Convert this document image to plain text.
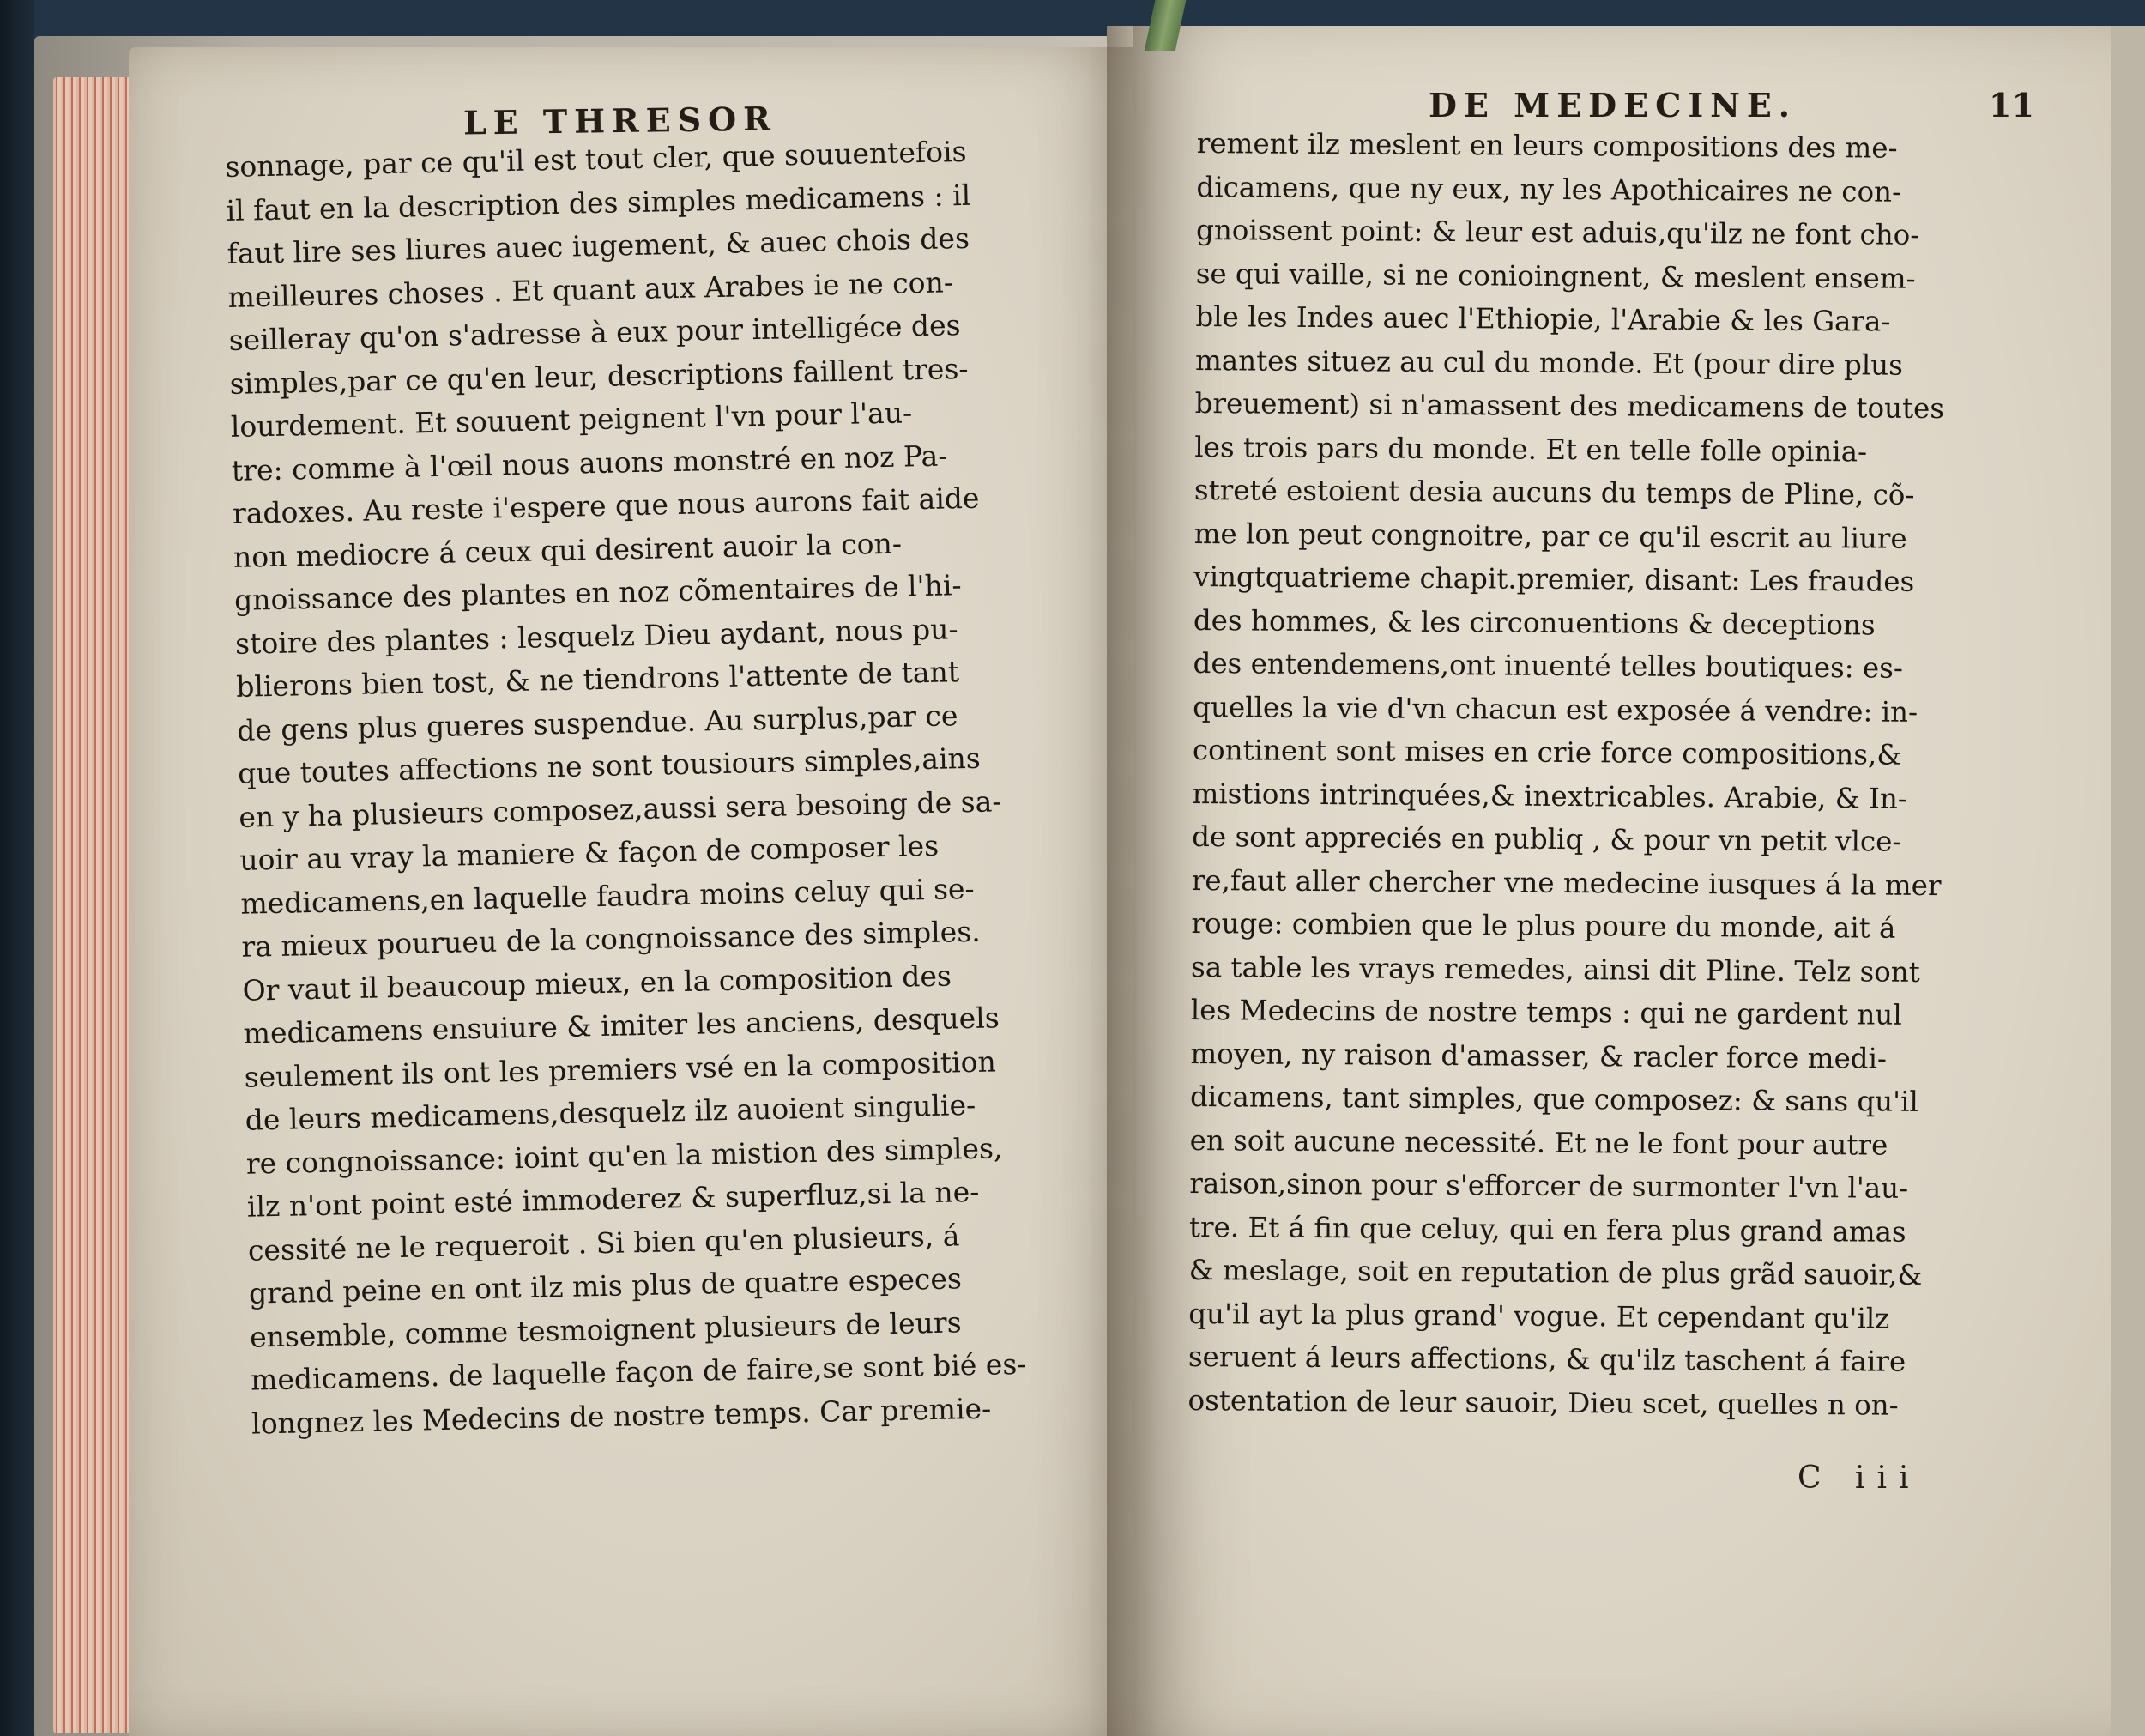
LE THRESOR
sonnage, par ce qu'il est tout cler, que souuentefois
il faut en la description des simples medicamens : il
faut lire ses liures auec iugement, & auec chois des
meilleures choses . Et quant aux Arabes ie ne con-
seilleray qu'on s'adresse à eux pour intelligéce des
simples,par ce qu'en leur, descriptions faillent tres-
lourdement. Et souuent peignent l'vn pour l'au-
tre: comme à l'œil nous auons monstré en noz Pa-
radoxes. Au reste i'espere que nous aurons fait aide
non mediocre á ceux qui desirent auoir la con-
gnoissance des plantes en noz cõmentaires de l'hi-
stoire des plantes : lesquelz Dieu aydant, nous pu-
blierons bien tost, & ne tiendrons l'attente de tant
de gens plus gueres suspendue. Au surplus,par ce
que toutes affections ne sont tousiours simples,ains
en y ha plusieurs composez,aussi sera besoing de sa-
uoir au vray la maniere & façon de composer les
medicamens,en laquelle faudra moins celuy qui se-
ra mieux pourueu de la congnoissance des simples.
Or vaut il beaucoup mieux, en la composition des
medicamens ensuiure & imiter les anciens, desquels
seulement ils ont les premiers vsé en la composition
de leurs medicamens,desquelz ilz auoient singulie-
re congnoissance: ioint qu'en la mistion des simples,
ilz n'ont point esté immoderez & superfluz,si la ne-
cessité ne le requeroit . Si bien qu'en plusieurs, á
grand peine en ont ilz mis plus de quatre especes
ensemble, comme tesmoignent plusieurs de leurs
medicamens. de laquelle façon de faire,se sont bié es-
longnez les Medecins de nostre temps. Car premie-
DE MEDECINE.	11
rement ilz meslent en leurs compositions des me-
dicamens, que ny eux, ny les Apothicaires ne con-
gnoissent point: & leur est aduis,qu'ilz ne font cho-
se qui vaille, si ne conioingnent, & meslent ensem-
ble les Indes auec l'Ethiopie, l'Arabie & les Gara-
mantes situez au cul du monde. Et (pour dire plus
breuement) si n'amassent des medicamens de toutes
les trois pars du monde. Et en telle folle opinia-
streté estoient desia aucuns du temps de Pline, cõ-
me lon peut congnoitre, par ce qu'il escrit au liure
vingtquatrieme chapit.premier, disant: Les fraudes
des hommes, & les circonuentions & deceptions
des entendemens,ont inuenté telles boutiques: es-
quelles la vie d'vn chacun est exposée á vendre: in-
continent sont mises en crie force compositions,&
mistions intrinquées,& inextricables. Arabie, & In-
de sont appreciés en publiq , & pour vn petit vlce-
re,faut aller chercher vne medecine iusques á la mer
rouge: combien que le plus poure du monde, ait á
sa table les vrays remedes, ainsi dit Pline. Telz sont
les Medecins de nostre temps : qui ne gardent nul
moyen, ny raison d'amasser, & racler force medi-
dicamens, tant simples, que composez: & sans qu'il
en soit aucune necessité. Et ne le font pour autre
raison,sinon pour s'efforcer de surmonter l'vn l'au-
tre. Et á fin que celuy, qui en fera plus grand amas
& meslage, soit en reputation de plus grãd sauoir,&
qu'il ayt la plus grand' vogue. Et cependant qu'ilz
seruent á leurs affections, & qu'ilz taschent á faire
ostentation de leur sauoir, Dieu scet, quelles n on-
C iii
